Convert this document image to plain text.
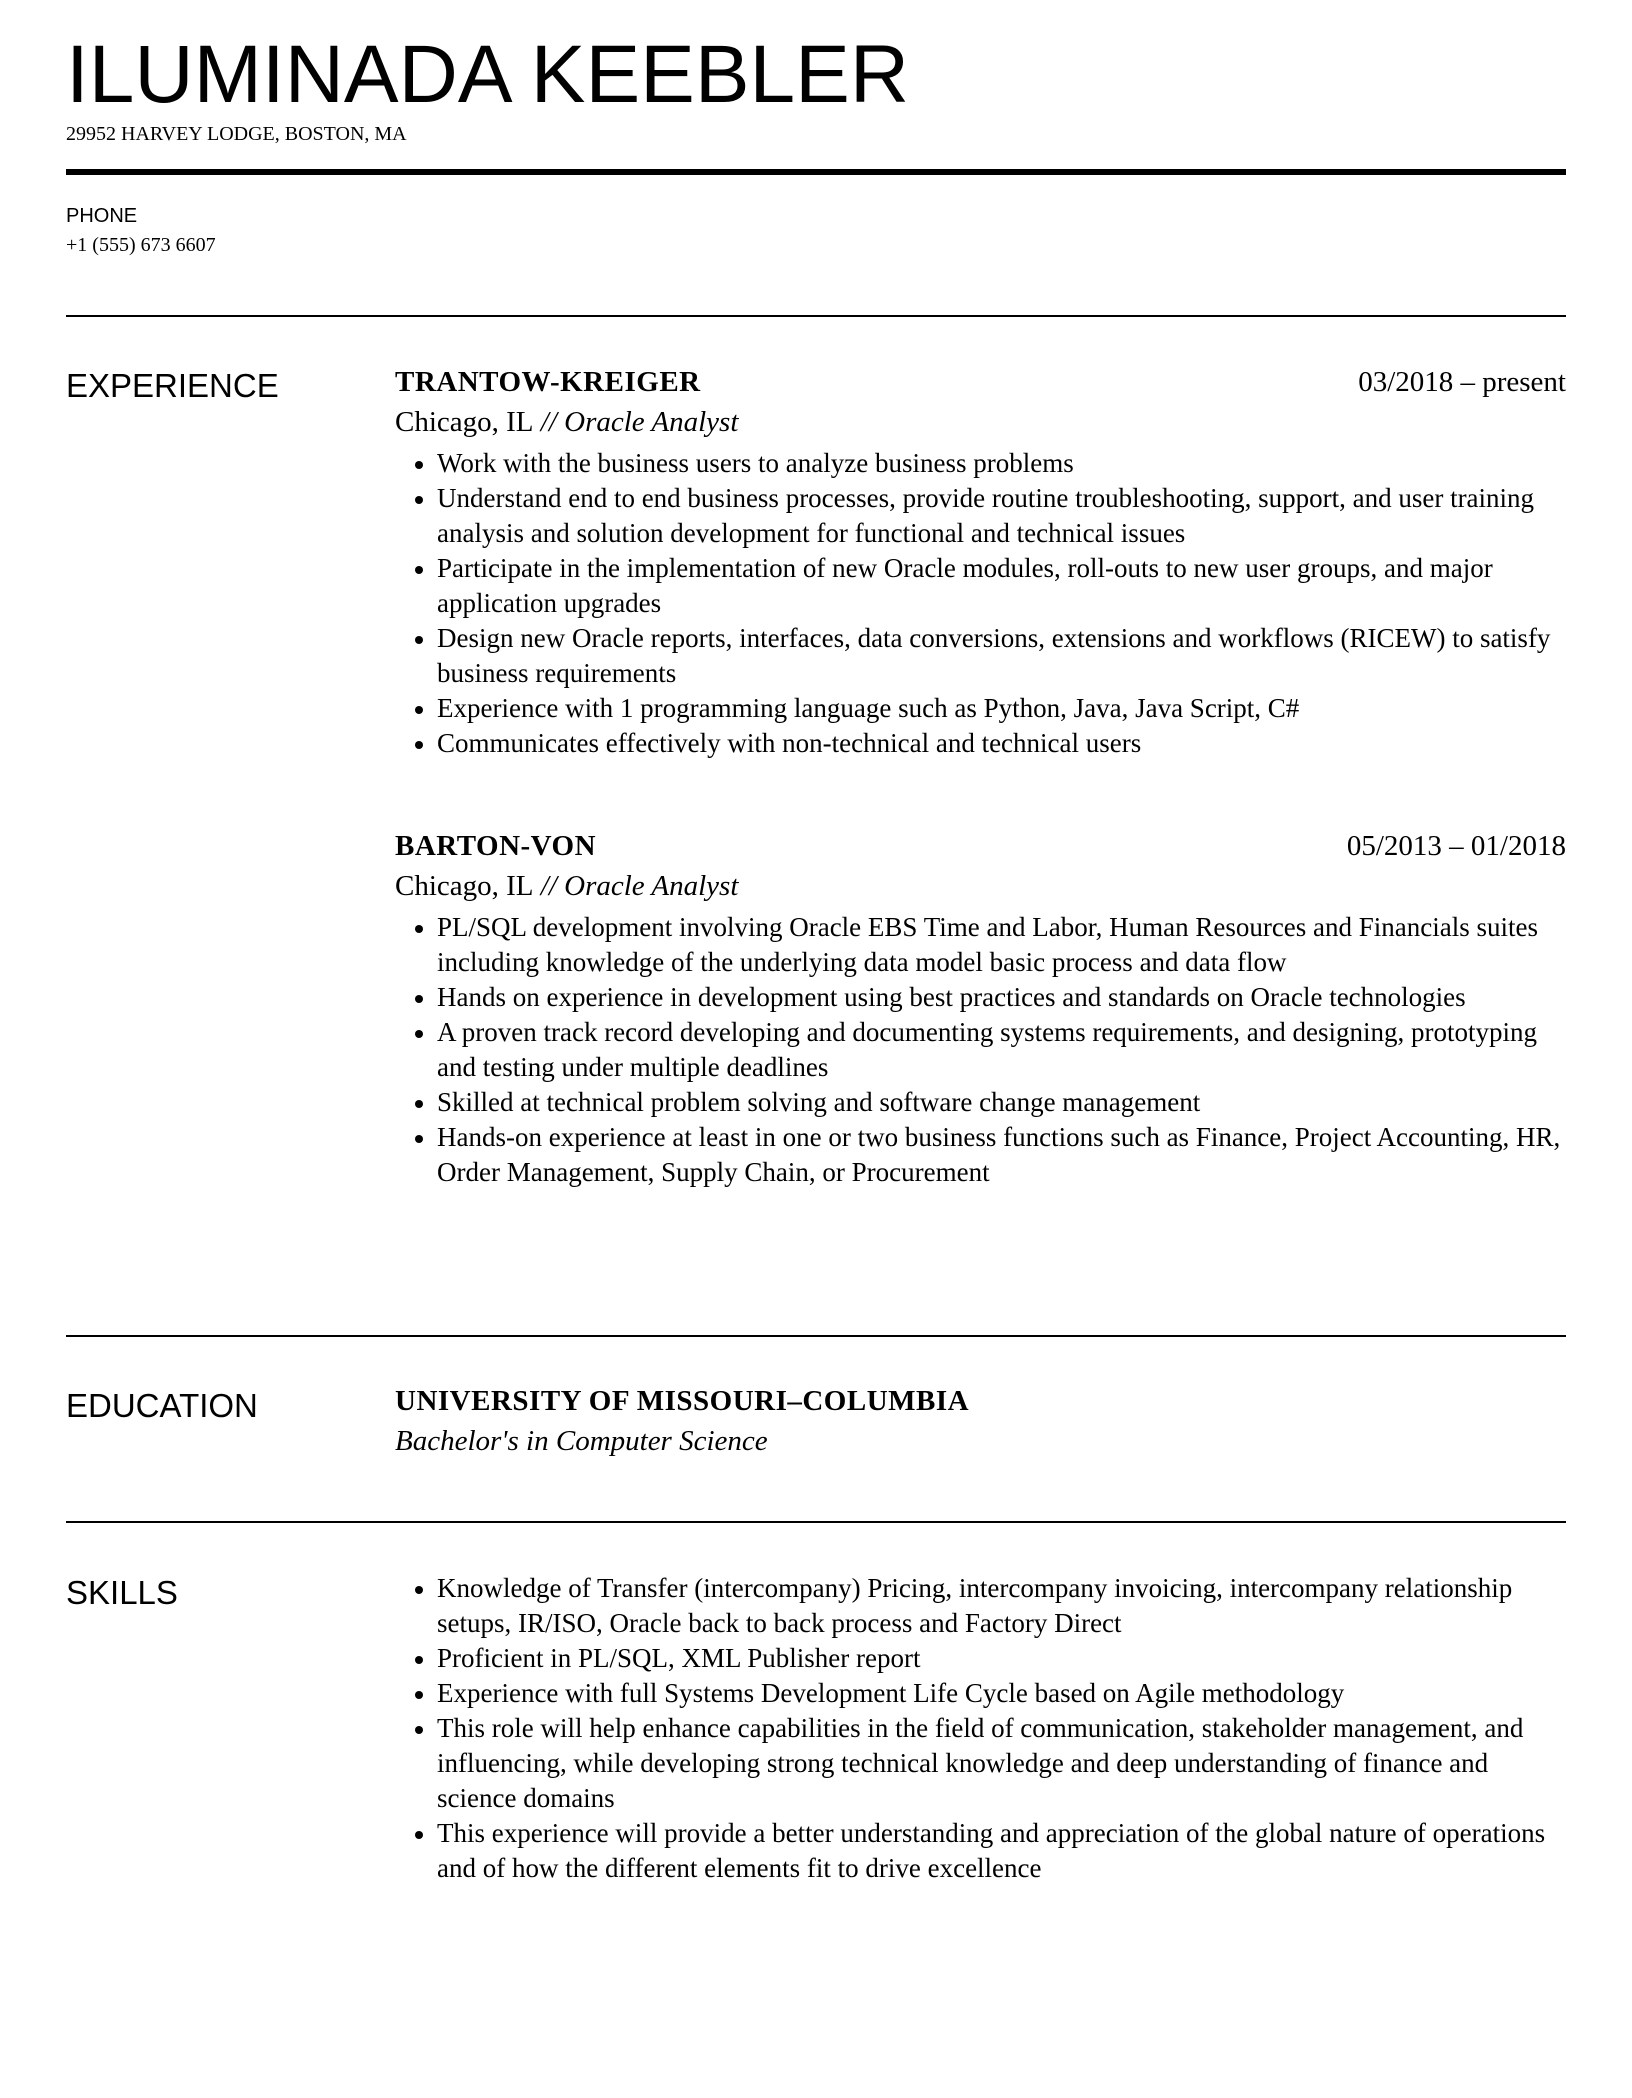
ILUMINADA KEEBLER
29952 HARVEY LODGE, BOSTON, MA
PHONE
+1 (555) 673 6607
EXPERIENCE	TRANTOW-KREIGER	03/2018 – present
Chicago, IL // Oracle Analyst
Work with the business users to analyze business problems
Understand end to end business processes, provide routine troubleshooting, support, and user training analysis and solution development for functional and technical issues
Participate in the implementation of new Oracle modules, roll-outs to new user groups, and major application upgrades
Design new Oracle reports, interfaces, data conversions, extensions and workflows (RICEW) to satisfy business requirements
Experience with 1 programming language such as Python, Java, Java Script, C#
Communicates effectively with non-technical and technical users
BARTON-VON	05/2013 – 01/2018
Chicago, IL // Oracle Analyst
PL/SQL development involving Oracle EBS Time and Labor, Human Resources and Financials suites including knowledge of the underlying data model basic process and data flow
Hands on experience in development using best practices and standards on Oracle technologies
A proven track record developing and documenting systems requirements, and designing, prototyping and testing under multiple deadlines
Skilled at technical problem solving and software change management
Hands-on experience at least in one or two business functions such as Finance, Project Accounting, HR, Order Management, Supply Chain, or Procurement
EDUCATION	UNIVERSITY OF MISSOURI–COLUMBIA
Bachelor's in Computer Science
SKILLS	Knowledge of Transfer (intercompany) Pricing, intercompany invoicing, intercompany relationship setups, IR/ISO, Oracle back to back process and Factory Direct
Proficient in PL/SQL, XML Publisher report
Experience with full Systems Development Life Cycle based on Agile methodology
This role will help enhance capabilities in the field of communication, stakeholder management, and influencing, while developing strong technical knowledge and deep understanding of finance and science domains
This experience will provide a better understanding and appreciation of the global nature of operations and of how the different elements fit to drive excellence
